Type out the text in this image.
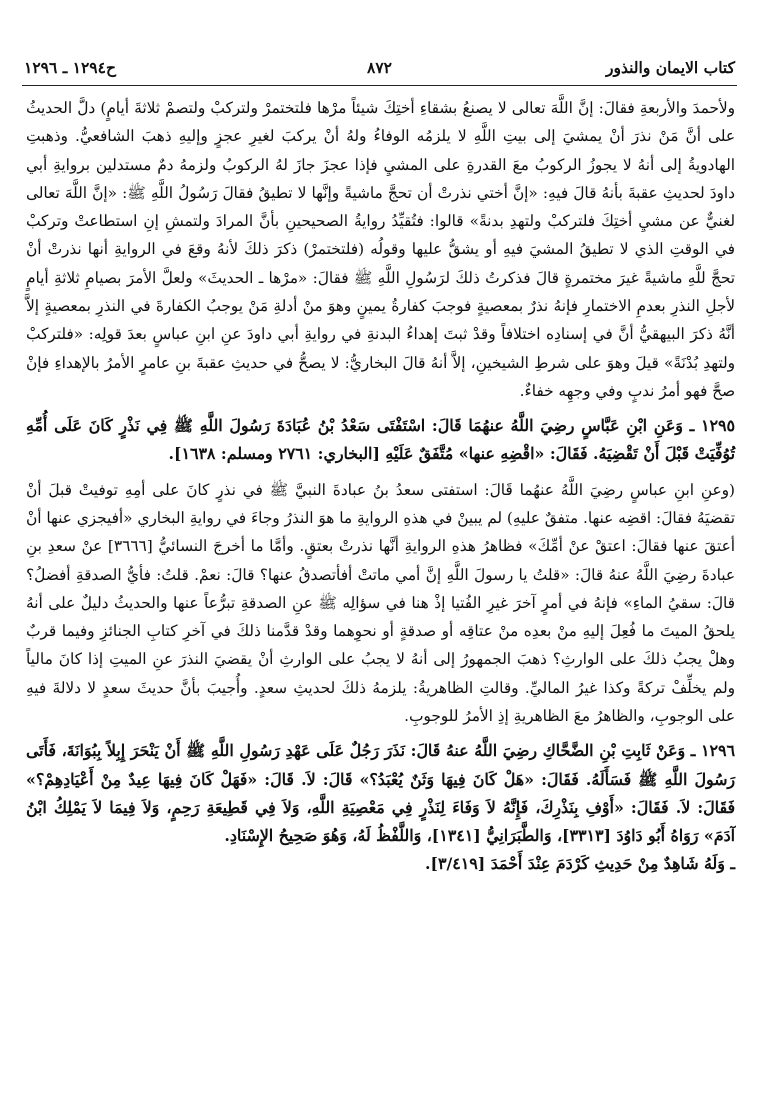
كتاب الايمان والنذور
٨٧٢
ح١٢٩٤ ـ ١٢٩٦

ولأحمدَ والأربعةِ فقالَ: إنَّ اللَّهَ تعالى لا يصنعُ بشقاءِ أختِكَ شيئاً مرْها فلتختمرْ ولتركبْ ولتصمْ ثلاثةَ أيامٍ) دلَّ الحديثُ على أنَّ مَنْ نذرَ أنْ يمشيَ إلى بيتِ اللَّهِ لا يلزمُه الوفاءُ ولهُ أنْ يركبَ لغيرِ عجزٍ وإليهِ ذهبَ الشافعيُّ. وذهبتِ الهادويةُ إلى أنهُ لا يجوزُ الركوبُ معَ القدرةِ على المشيِ فإذا عجزَ جازَ لهُ الركوبُ ولزمهُ دمٌ مستدلين بروايةِ أبي داودَ لحديثِ عقبةَ بأنهُ قالَ فيهِ: «إنَّ أختي نذرتْ أن تحجَّ ماشيةً وإنَّها لا تطيقُ فقالَ رَسُولُ اللَّهِ ﷺ: «إنَّ اللَّهَ تعالى لغنيٌّ عن مشيِ أختِكَ فلتركبْ ولتهدِ بدنةً» قالوا: فتُقيِّدُ روايةُ الصحيحينِ بأنَّ المرادَ ولتمشِ إنِ استطاعتْ وتركبْ في الوقتِ الذي لا تطيقُ المشيَ فيهِ أو يشقُّ عليها وقولُه (فلتختمرْ) ذكرَ ذلكَ لأنهُ وقعَ في الروايةِ أنها نذرتْ أنْ تحجَّ للَّهِ ماشيةً غيرَ مختمرةٍ قالَ فذكرتُ ذلكَ لرَسُولِ اللَّهِ ﷺ فقالَ: «مرْها ـ الحديثَ» ولعلَّ الأمرَ بصيامِ ثلاثةِ أيامٍ لأجلِ النذرِ بعدمِ الاختمارِ فإنهُ نذرٌ بمعصيةٍ فوجبَ كفارةُ يمينٍ وهوَ منْ أدلةِ مَنْ يوجبُ الكفارةَ في النذرِ بمعصيةٍ إلاَّ أنَّهُ ذكرَ البيهقيُّ أنَّ في إسنادِه اختلافاً وقدْ ثبتَ إهداءُ البدنةِ في روايةِ أبي داودَ عنِ ابنِ عباسٍ بعدَ قولِه: «فلتركبْ ولتهدِ بُدْنَةً» قيلَ وهوَ على شرطِ الشيخينِ، إلاَّ أنهُ قالَ البخاريُّ: لا يصحُّ في حديثِ عقبةَ بنِ عامرٍ الأمرُ بالإهداءِ فإنْ صحَّ فهو أمرُ ندبٍ وفي وجهِه خفاءٌ.

١٢٩٥ ـ وَعَنِ ابْنِ عَبَّاسٍ رضِيَ اللَّهُ عنهُمَا قَالَ: اسْتَفْتَى سَعْدُ بْنُ عُبَادَةَ رَسُولَ اللَّهِ ﷺ فِي نَذْرٍ كَانَ عَلَى أُمِّهِ تُوُفِّيَتْ قَبْلَ أَنْ تَقْضِيَهُ. فَقَالَ: «اقْضِهِ عنها» مُتَّفَقٌ عَلَيْهِ [البخاري: ٢٧٦١ ومسلم: ١٦٣٨].

(وعنِ ابنِ عباسٍ رضِيَ اللَّهُ عنهُما قَالَ: استفتى سعدُ بنُ عبادةَ النبيَّ ﷺ في نذرٍ كانَ على أمِهِ توفيتْ قبلَ أنْ تقضيَهُ فقالَ: اقضِه عنها. متفقٌ عليهِ) لم يبينْ في هذهِ الروايةِ ما هوَ النذرُ وجاءَ في روايةِ البخاري «أفيجزي عنها أنْ أعتقَ عنها فقالَ: اعتقْ عنْ أمِّكَ» فظاهرُ هذهِ الروايةِ أنَّها نذرتْ بعتقٍ. وأمَّا ما أخرجَ النسائيُّ [٣٦٦٦] عنْ سعدِ بنِ عبادةَ رضِيَ اللَّهُ عنهُ قالَ: «قلتُ يا رسولَ اللَّهِ إنَّ أمي ماتتْ أفأتصدقُ عنها؟ قالَ: نعمْ. قلتُ: فأيُّ الصدقةِ أفضلُ؟ قالَ: سقيُ الماءِ» فإنهُ في أمرٍ آخرَ غيرِ الفُتيا إذْ هنا في سؤالِه ﷺ عنِ الصدقةِ تبرُّعاً عنها والحديثُ دليلٌ على أنهُ يلحقُ الميتَ ما فُعِلَ إليهِ منْ بعدِه منْ عتاقِه أو صدقةٍ أو نحوِهما وقدْ قدَّمنا ذلكَ في آخرِ كتابِ الجنائزِ وفيما قربٌ وهلْ يجبُ ذلكَ على الوارثِ؟ ذهبَ الجمهورُ إلى أنهُ لا يجبُ على الوارثِ أنْ يقضيَ النذرَ عنِ الميتِ إذا كانَ مالياً ولم يخلِّفْ تركةً وكذا غيرُ الماليِّ. وقالتِ الظاهريةُ: يلزمهُ ذلكَ لحديثِ سعدٍ. وأُجيبَ بأنَّ حديثَ سعدٍ لا دلالةَ فيهِ على الوجوبِ، والظاهرُ معَ الظاهريةِ إذِ الأمرُ للوجوبِ.

١٢٩٦ ـ وَعَنْ ثَابِتِ بْنِ الضَّحَّاكِ رضِيَ اللَّهُ عنهُ قَالَ: نَذَرَ رَجُلٌ عَلَى عَهْدِ رَسُولِ اللَّهِ ﷺ أَنْ يَنْحَرَ إِبِلاً بِبُوَانَةَ، فَأَتَى رَسُولَ اللَّهِ ﷺ فَسَأَلَهُ. فَقَالَ: «هَلْ كَانَ فِيهَا وَثَنٌ يُعْبَدُ؟» قَالَ: لاَ. قَالَ: «فَهَلْ كَانَ فِيهَا عِيدٌ مِنْ أَعْيَادِهِمْ؟» فَقَالَ: لاَ. فَقَالَ: «أَوْفِ بِنَذْرِكَ، فَإِنَّهُ لاَ وَفَاءَ لِنَذْرٍ فِي مَعْصِيَةِ اللَّهِ، وَلاَ فِي قَطِيعَةِ رَحِمٍ، وَلاَ فِيمَا لاَ يَمْلِكُ ابْنُ آدَمَ» رَوَاهُ أَبُو دَاوُدَ [٣٣١٣]، وَالطَّبَرَانِيُّ [١٣٤١]، وَاللَّفْظُ لَهُ، وَهُوَ صَحِيحُ الإِسْنَادِ.

ـ وَلَهُ شَاهِدٌ مِنْ حَدِيثِ كَرْدَمَ عِنْدَ أَحْمَدَ [٣/٤١٩].
